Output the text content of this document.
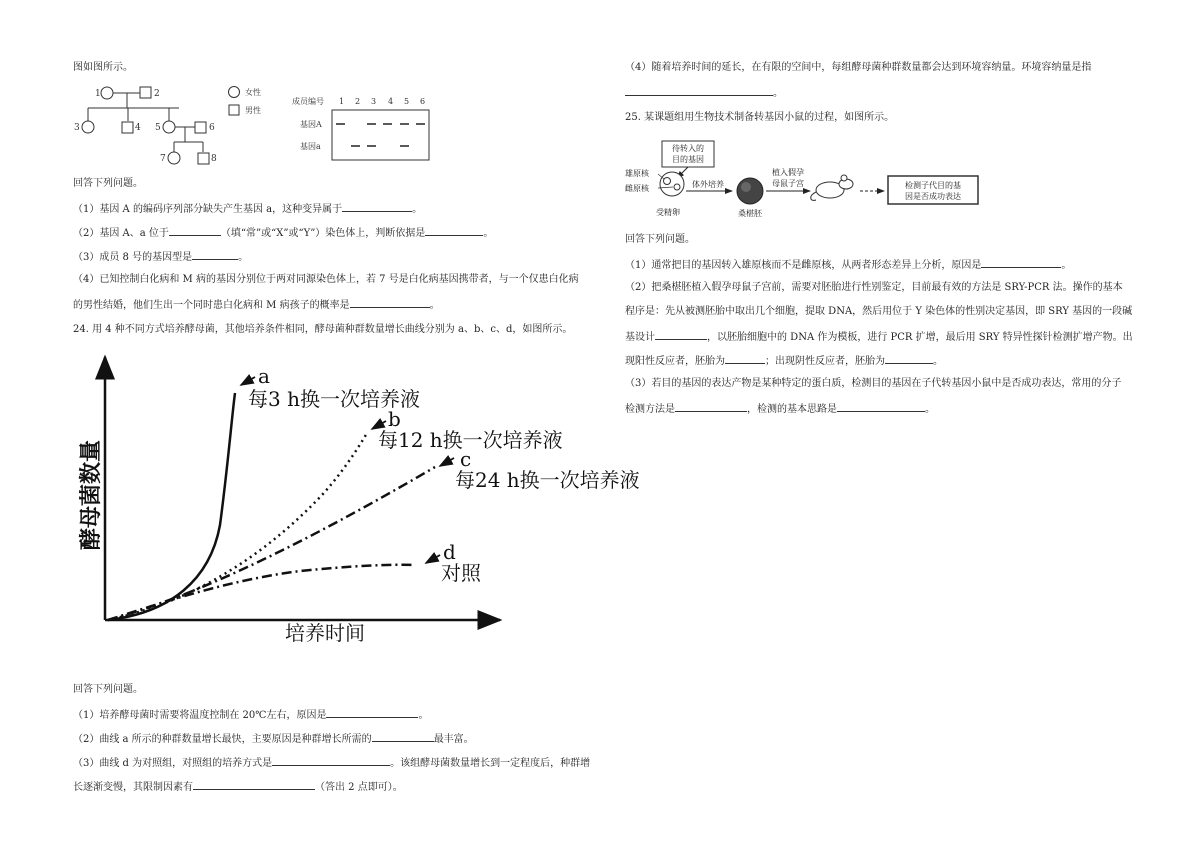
图如图所示。
1	2
3	4 5	6
7	8
女性
男性
成员编号 1 2 3 4 5 6
基因A
基因a
回答下列问题。
（1）基因 A 的编码序列部分缺失产生基因 a，这种变异属于	。
（2）基因 A、a 位于	（填“常”或“X”或“Y”）染色体上，判断依据是	。
（3）成员 8 号的基因型是	。
（4）已知控制白化病和 M 病的基因分别位于两对同源染色体上，若 7 号是白化病基因携带者，与一个仅患白化病
的男性结婚，他们生出一个同时患白化病和 M 病孩子的概率是	。
24. 用 4 种不同方式培养酵母菌，其他培养条件相同，酵母菌种群数量增长曲线分别为 a、b、c、d，如图所示。
酵母菌数量
培养时间
a
每3 h换一次培养液
b
每12 h换一次培养液
c
每24 h换一次培养液
d
对照
回答下列问题。
（1）培养酵母菌时需要将温度控制在 20℃左右，原因是	。
（2）曲线 a 所示的种群数量增长最快，主要原因是种群增长所需的	最丰富。
（3）曲线 d 为对照组，对照组的培养方式是	。该组酵母菌数量增长到一定程度后，种群增
长逐渐变慢，其限制因素有	（答出 2 点即可）。
（4）随着培养时间的延长，在有限的空间中，每组酵母菌种群数量都会达到环境容纳量。环境容纳量是指
。
25. 某课题组用生物技术制备转基因小鼠的过程，如图所示。
待转入的
目的基因
雄原核
雌原核
受精卵
体外培养
桑椹胚
植入假孕
母鼠子宫	检测子代目的基
因是否成功表达
回答下列问题。
（1）通常把目的基因转入雄原核而不是雌原核，从两者形态差异上分析，原因是	。
（2）把桑椹胚植入假孕母鼠子宫前，需要对胚胎进行性别鉴定，目前最有效的方法是 SRY-PCR 法。操作的基本
程序是：先从被测胚胎中取出几个细胞，提取 DNA，然后用位于 Y 染色体的性别决定基因，即 SRY 基因的一段碱
基设计	，以胚胎细胞中的 DNA 作为模板，进行 PCR 扩增，最后用 SRY 特异性探针检测扩增产物。出
现阳性反应者，胚胎为	；出现阴性反应者，胚胎为	。
（3）若目的基因的表达产物是某种特定的蛋白质，检测目的基因在子代转基因小鼠中是否成功表达，常用的分子
检测方法是	，检测的基本思路是	。
